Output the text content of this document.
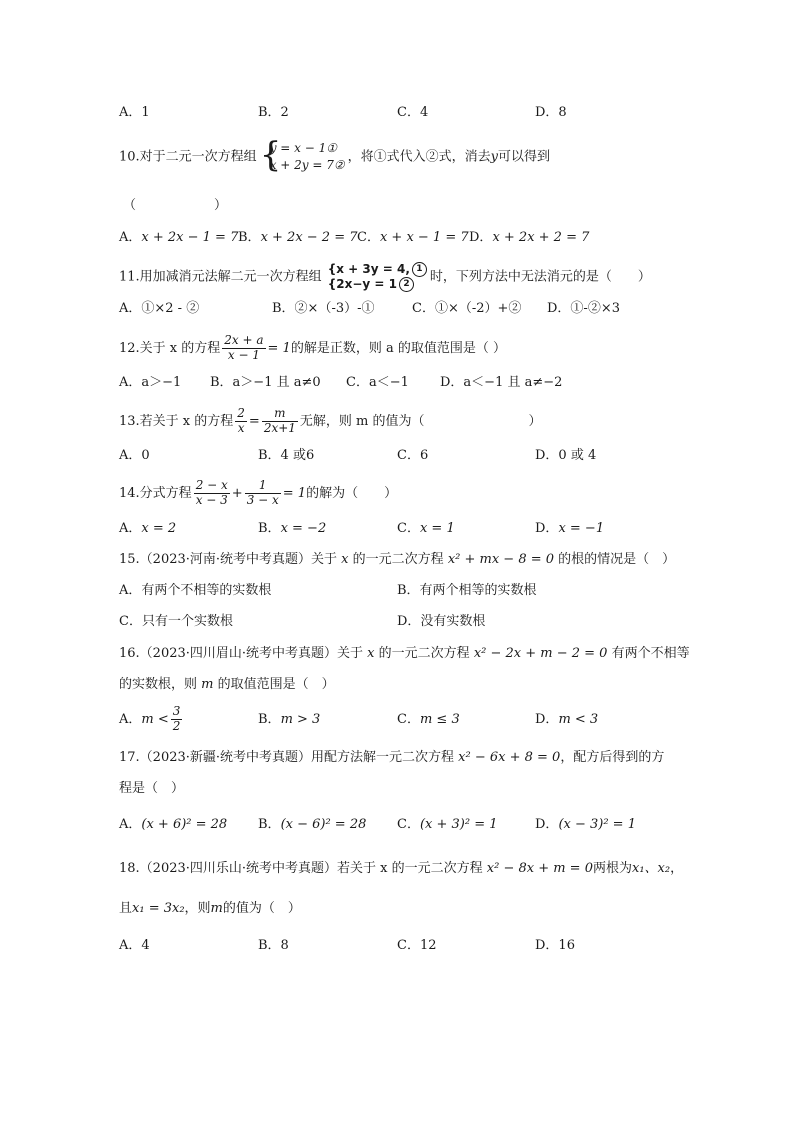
A．1	B．2	C．4	D．8
10.对于二元一次方程组 {
y = x − 1①
x + 2y = 7②
，将①式代入②式，消去y可以得到
（　　　　　　）
A．x + 2x − 1 = 7 B．x + 2x − 2 = 7 C．x + x − 1 = 7 D．x + 2x + 2 = 7
11.用加减消元法解二元一次方程组
{x + 3y = 4, 1
{2x−y = 1 2	时，下列方法中无法消元的是（　　）
A．①×2 - ②	B．②×（-3）-①	C．①×（-2）+② D．①-②×3
12.关于 x 的方程 $\frac{2x + a}{x - 1} = 1$的解是正数，则 a 的取值范围是（ ）
A．a＞−1 B．a＞−1 且 a≠0 C．a＜−1 D．a＜−1 且 a≠−2
13.若关于 x 的方程 $\frac{2}{x} = \frac{m}{2x+1}$ 无解，则 m 的值为（　　　　　　　　）
A．0	B．4 或6	C．6	D．0 或 4
14.分式方程 $\frac{2 - x}{x - 3} + \frac{1}{3 - x} = 1$的解为（　　）
A．x = 2	B．x = −2	C．x = 1	D．x = −1
15.（2023·河南·统考中考真题）关于 x 的一元二次方程 x² + mx − 8 = 0 的根的情况是（　）
A．有两个不相等的实数根	B．有两个相等的实数根
C．只有一个实数根	D．没有实数根
16.（2023·四川眉山·统考中考真题）关于 x 的一元二次方程 x² − 2x + m − 2 = 0 有两个不相等
的实数根，则 m 的取值范围是（　）
A．$m < \frac{3}{2}$	B．m > 3	C．m ≤ 3	D．m < 3
17.（2023·新疆·统考中考真题）用配方法解一元二次方程 x² − 6x + 8 = 0，配方后得到的方
程是（　）
A．(x + 6)² = 28 B．(x − 6)² = 28 C．(x + 3)² = 1	D．(x − 3)² = 1
18.（2023·四川乐山·统考中考真题）若关于 x 的一元二次方程 x² − 8x + m = 0两根为x₁、x₂，
且x₁ = 3x₂，则m的值为（　）
A．4	B．8	C．12	D．16
